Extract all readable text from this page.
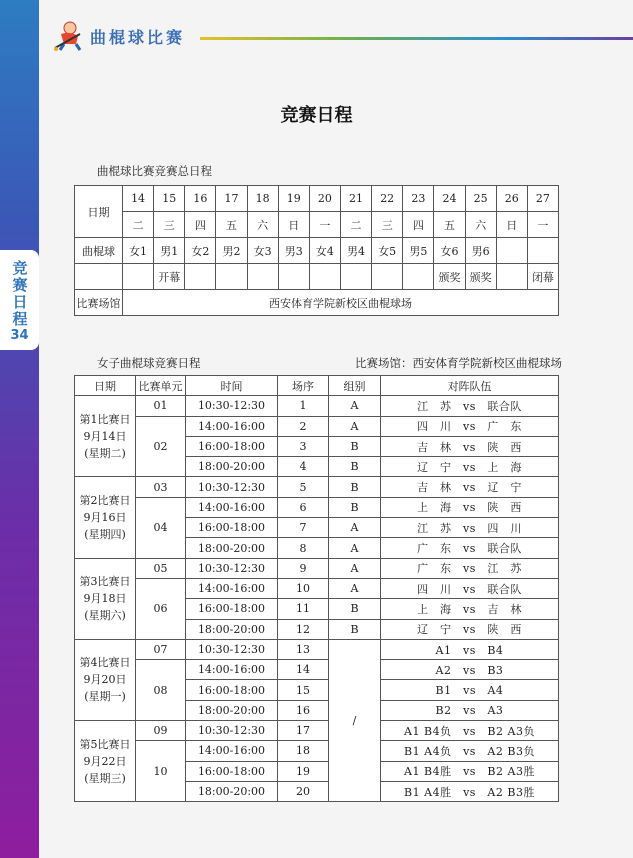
竞赛日程
34
曲棍球比赛
竞赛日程
曲棍球比赛竞赛总日程
日期	14	15	16	17	18	19	20	21	22	23	24	25	26	27
	二	三	四	五	六	日	一	二	三	四	五	六	日	一
曲棍球	女1	男1	女2	男2	女3	男3	女4	男4	女5	男5	女6	男6		
		开幕									颁奖	颁奖		闭幕
比赛场馆	西安体育学院新校区曲棍球场													
女子曲棍球竞赛日程	比赛场馆：西安体育学院新校区曲棍球场
日期	比赛单元	时间	场序	组别	对阵队伍

第1比赛日
9月14日
(星期二)	01	10:30-12:30	1	A	江　苏　vs　联合队
	02	14:00-16:00	2	A	四　川　vs　广　东
		16:00-18:00	3	B	吉　林　vs　陕　西
		18:00-20:00	4	B	辽　宁　vs　上　海

第2比赛日
9月16日
(星期四)	03	10:30-12:30	5	B	吉　林　vs　辽　宁
	04	14:00-16:00	6	B	上　海　vs　陕　西
		16:00-18:00	7	A	江　苏　vs　四　川
		18:00-20:00	8	A	广　东　vs　联合队

第3比赛日
9月18日
(星期六)	05	10:30-12:30	9	A	广　东　vs　江　苏
	06	14:00-16:00	10	A	四　川　vs　联合队
		16:00-18:00	11	B	上　海　vs　吉　林
		18:00-20:00	12	B	辽　宁　vs　陕　西

第4比赛日
9月20日
(星期一)	07	10:30-12:30	13	/	A1　vs　B4
	08	14:00-16:00	14		A2　vs　B3
		16:00-18:00	15		B1　vs　A4
		18:00-20:00	16		B2　vs　A3

第5比赛日
9月22日
(星期三)	09	10:30-12:30	17		A1 B4负　vs　B2 A3负
	10	14:00-16:00	18		B1 A4负　vs　A2 B3负
		16:00-18:00	19		A1 B4胜　vs　B2 A3胜
		18:00-20:00	20		B1 A4胜　vs　A2 B3胜
